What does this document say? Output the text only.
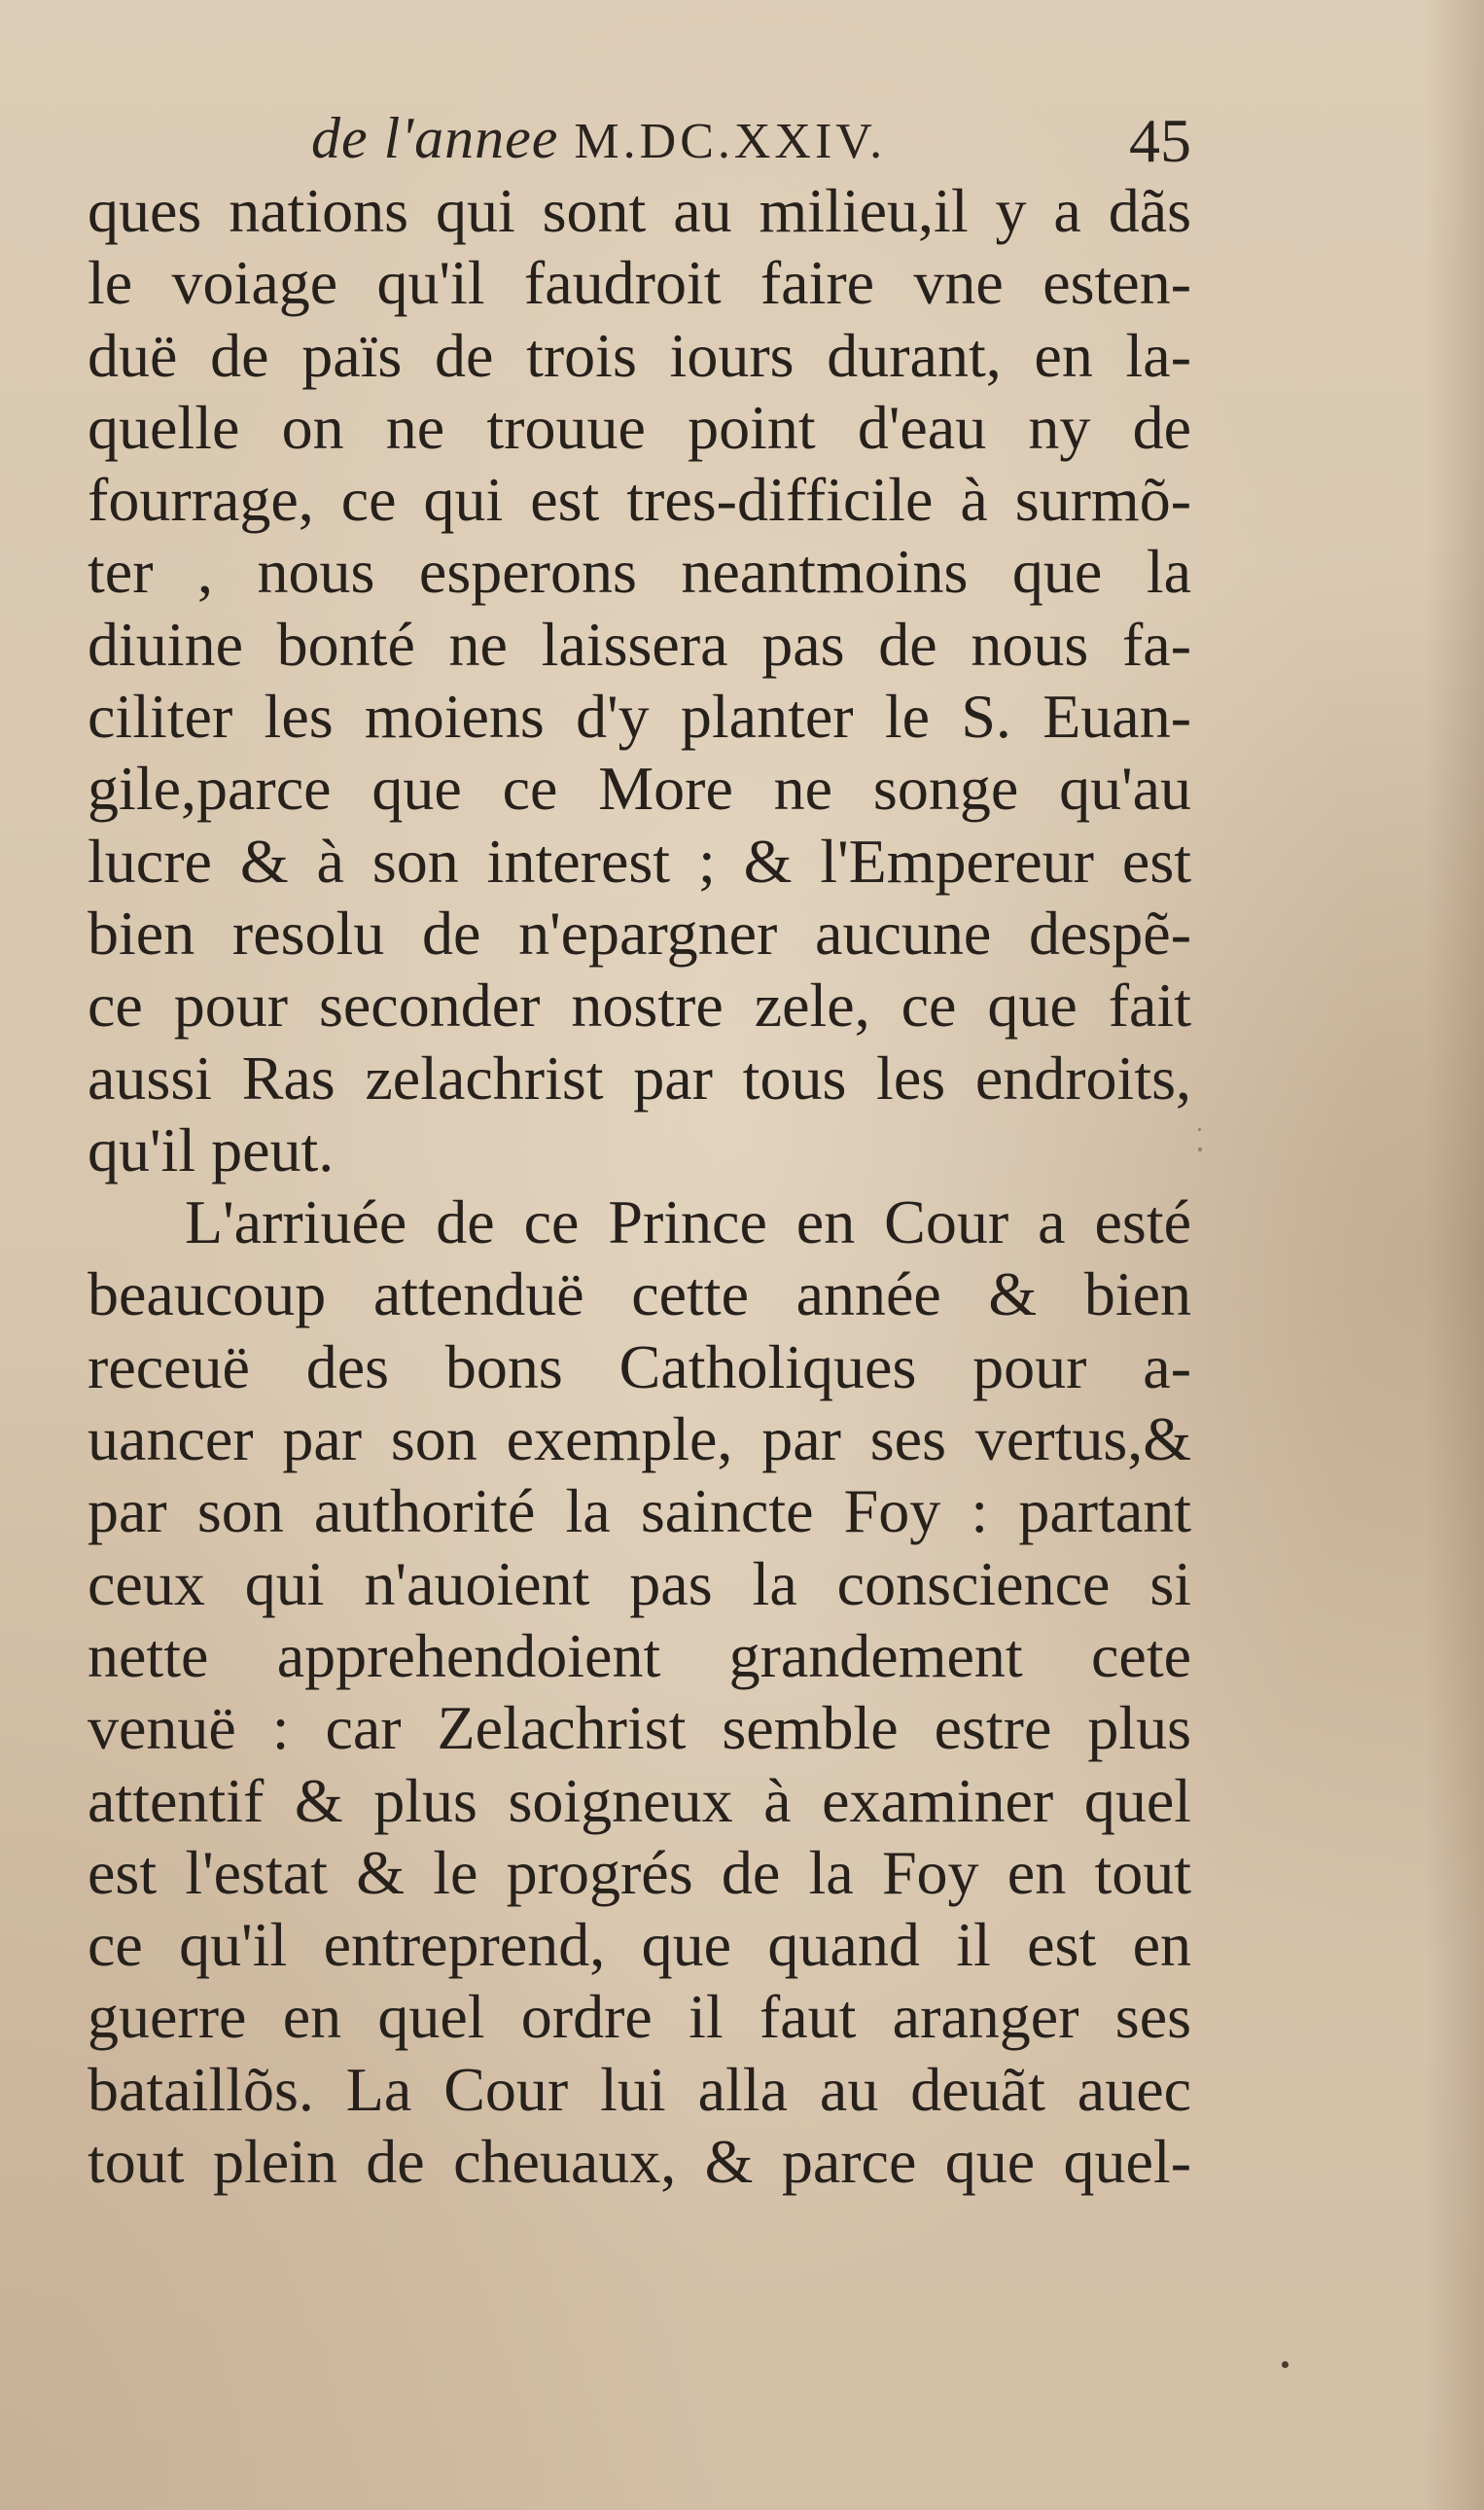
de l'annee M.DC.XXIV.	45
ques nations qui sont au milieu,il y a dãs
le voiage qu'il faudroit faire vne esten-
duë de païs de trois iours durant, en la-
quelle on ne trouue point d'eau ny de
fourrage, ce qui est tres-difficile à surmõ-
ter , nous esperons neantmoins que la
diuine bonté ne laissera pas de nous fa-
ciliter les moiens d'y planter le S. Euan-
gile,parce que ce More ne songe qu'au
lucre & à son interest ; & l'Empereur est
bien resolu de n'epargner aucune despẽ-
ce pour seconder nostre zele, ce que fait
aussi Ras zelachrist par tous les endroits,
qu'il peut.
L'arriuée de ce Prince en Cour a esté
beaucoup attenduë cette année & bien
receuë des bons Catholiques pour a-
uancer par son exemple, par ses vertus,&
par son authorité la saincte Foy : partant
ceux qui n'auoient pas la conscience si
nette apprehendoient grandement cete
venuë : car Zelachrist semble estre plus
attentif & plus soigneux à examiner quel
est l'estat & le progrés de la Foy en tout
ce qu'il entreprend, que quand il est en
guerre en quel ordre il faut aranger ses
bataillõs. La Cour lui alla au deuãt auec
tout plein de cheuaux, & parce que quel-
